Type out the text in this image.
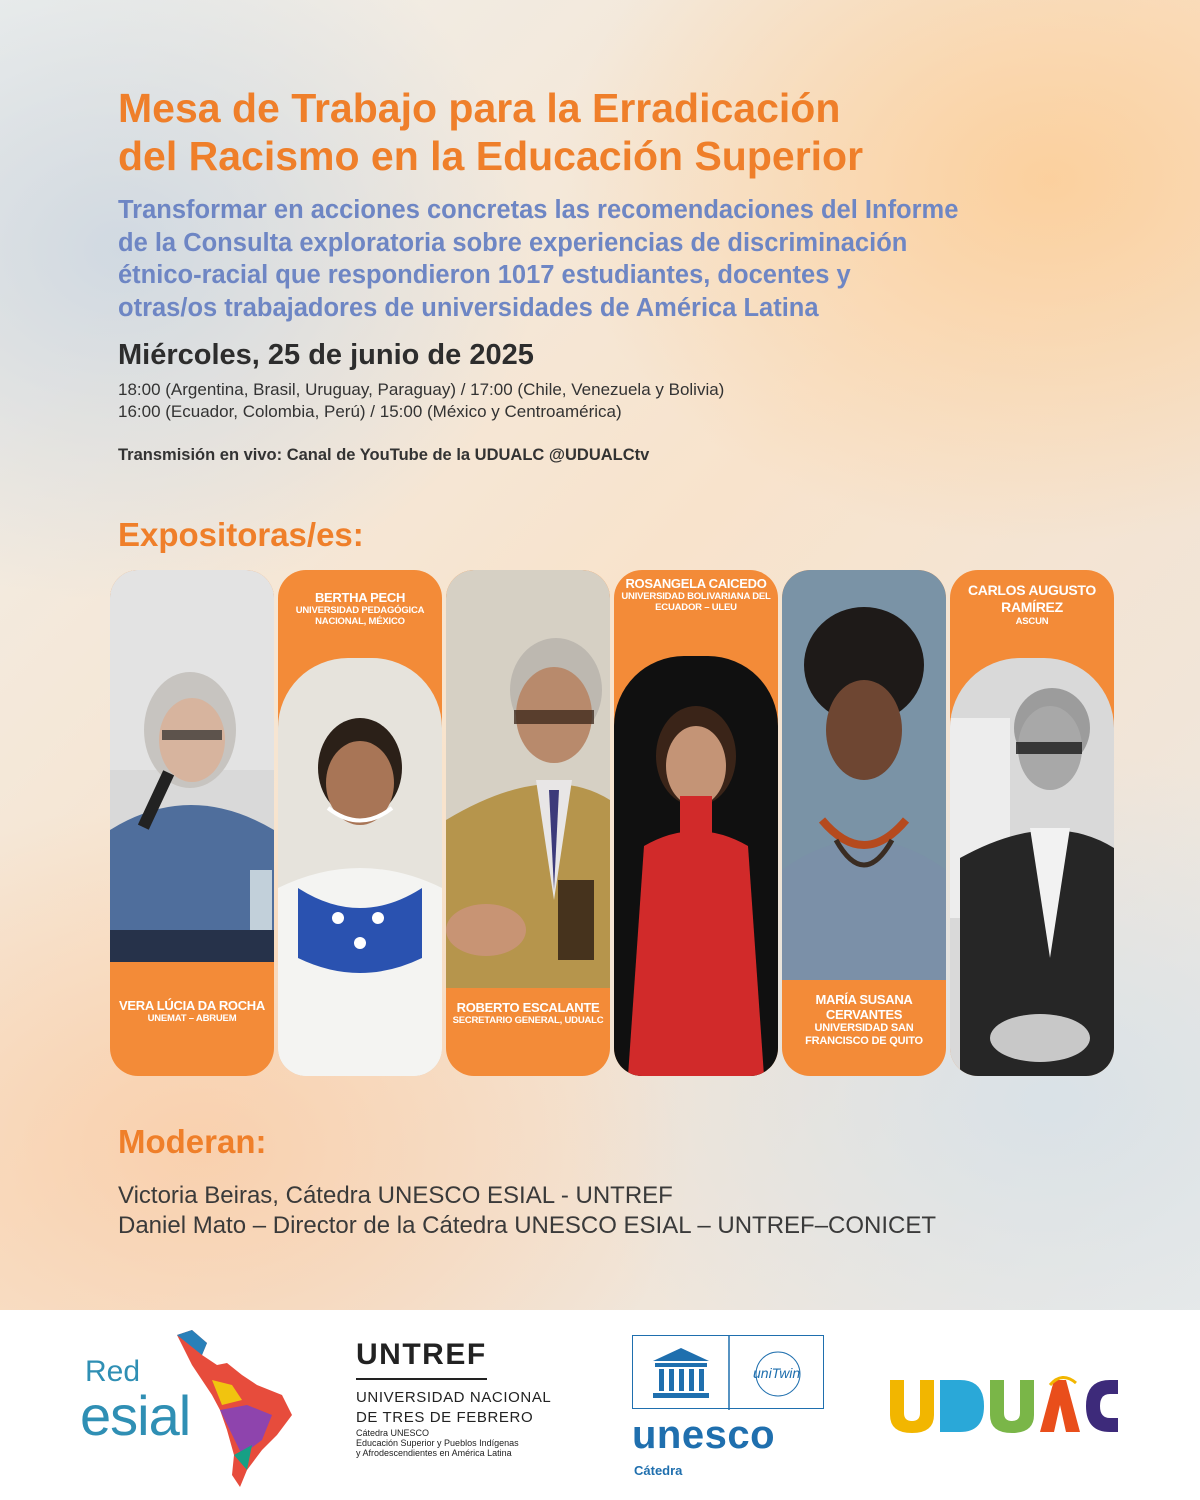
Mesa de Trabajo para la Erradicación
del Racismo en la Educación Superior
Transformar en acciones concretas las recomendaciones del Informe
de la Consulta exploratoria sobre experiencias de discriminación
étnico-racial que respondieron 1017 estudiantes, docentes y
otras/os trabajadores de universidades de América Latina
Miércoles, 25 de junio de 2025
18:00 (Argentina, Brasil, Uruguay, Paraguay) / 17:00 (Chile, Venezuela y Bolivia)
16:00 (Ecuador, Colombia, Perú) / 15:00 (México y Centroamérica)
Transmisión en vivo: Canal de YouTube de la UDUALC @UDUALCtv
Expositoras/es:
VERA LÚCIA DA ROCHA
UNEMAT – ABRUEM
BERTHA PECH
UNIVERSIDAD PEDAGÓGICA NACIONAL, MÉXICO
ROBERTO ESCALANTE
SECRETARIO GENERAL, UDUALC
ROSANGELA CAICEDO
UNIVERSIDAD BOLIVARIANA DEL ECUADOR – ULEU
MARÍA SUSANA CERVANTES
UNIVERSIDAD SAN FRANCISCO DE QUITO
CARLOS AUGUSTO RAMÍREZ
ASCUN
Moderan:
Victoria Beiras, Cátedra UNESCO ESIAL - UNTREF
Daniel Mato – Director de la Cátedra UNESCO ESIAL – UNTREF–CONICET
Red
esial
UNTREF
UNIVERSIDAD NACIONAL
DE TRES DE FEBRERO
Cátedra UNESCO
Educación Superior y Pueblos Indígenas
y Afrodescendientes en América Latina
uniTwin
unesco
Cátedra
